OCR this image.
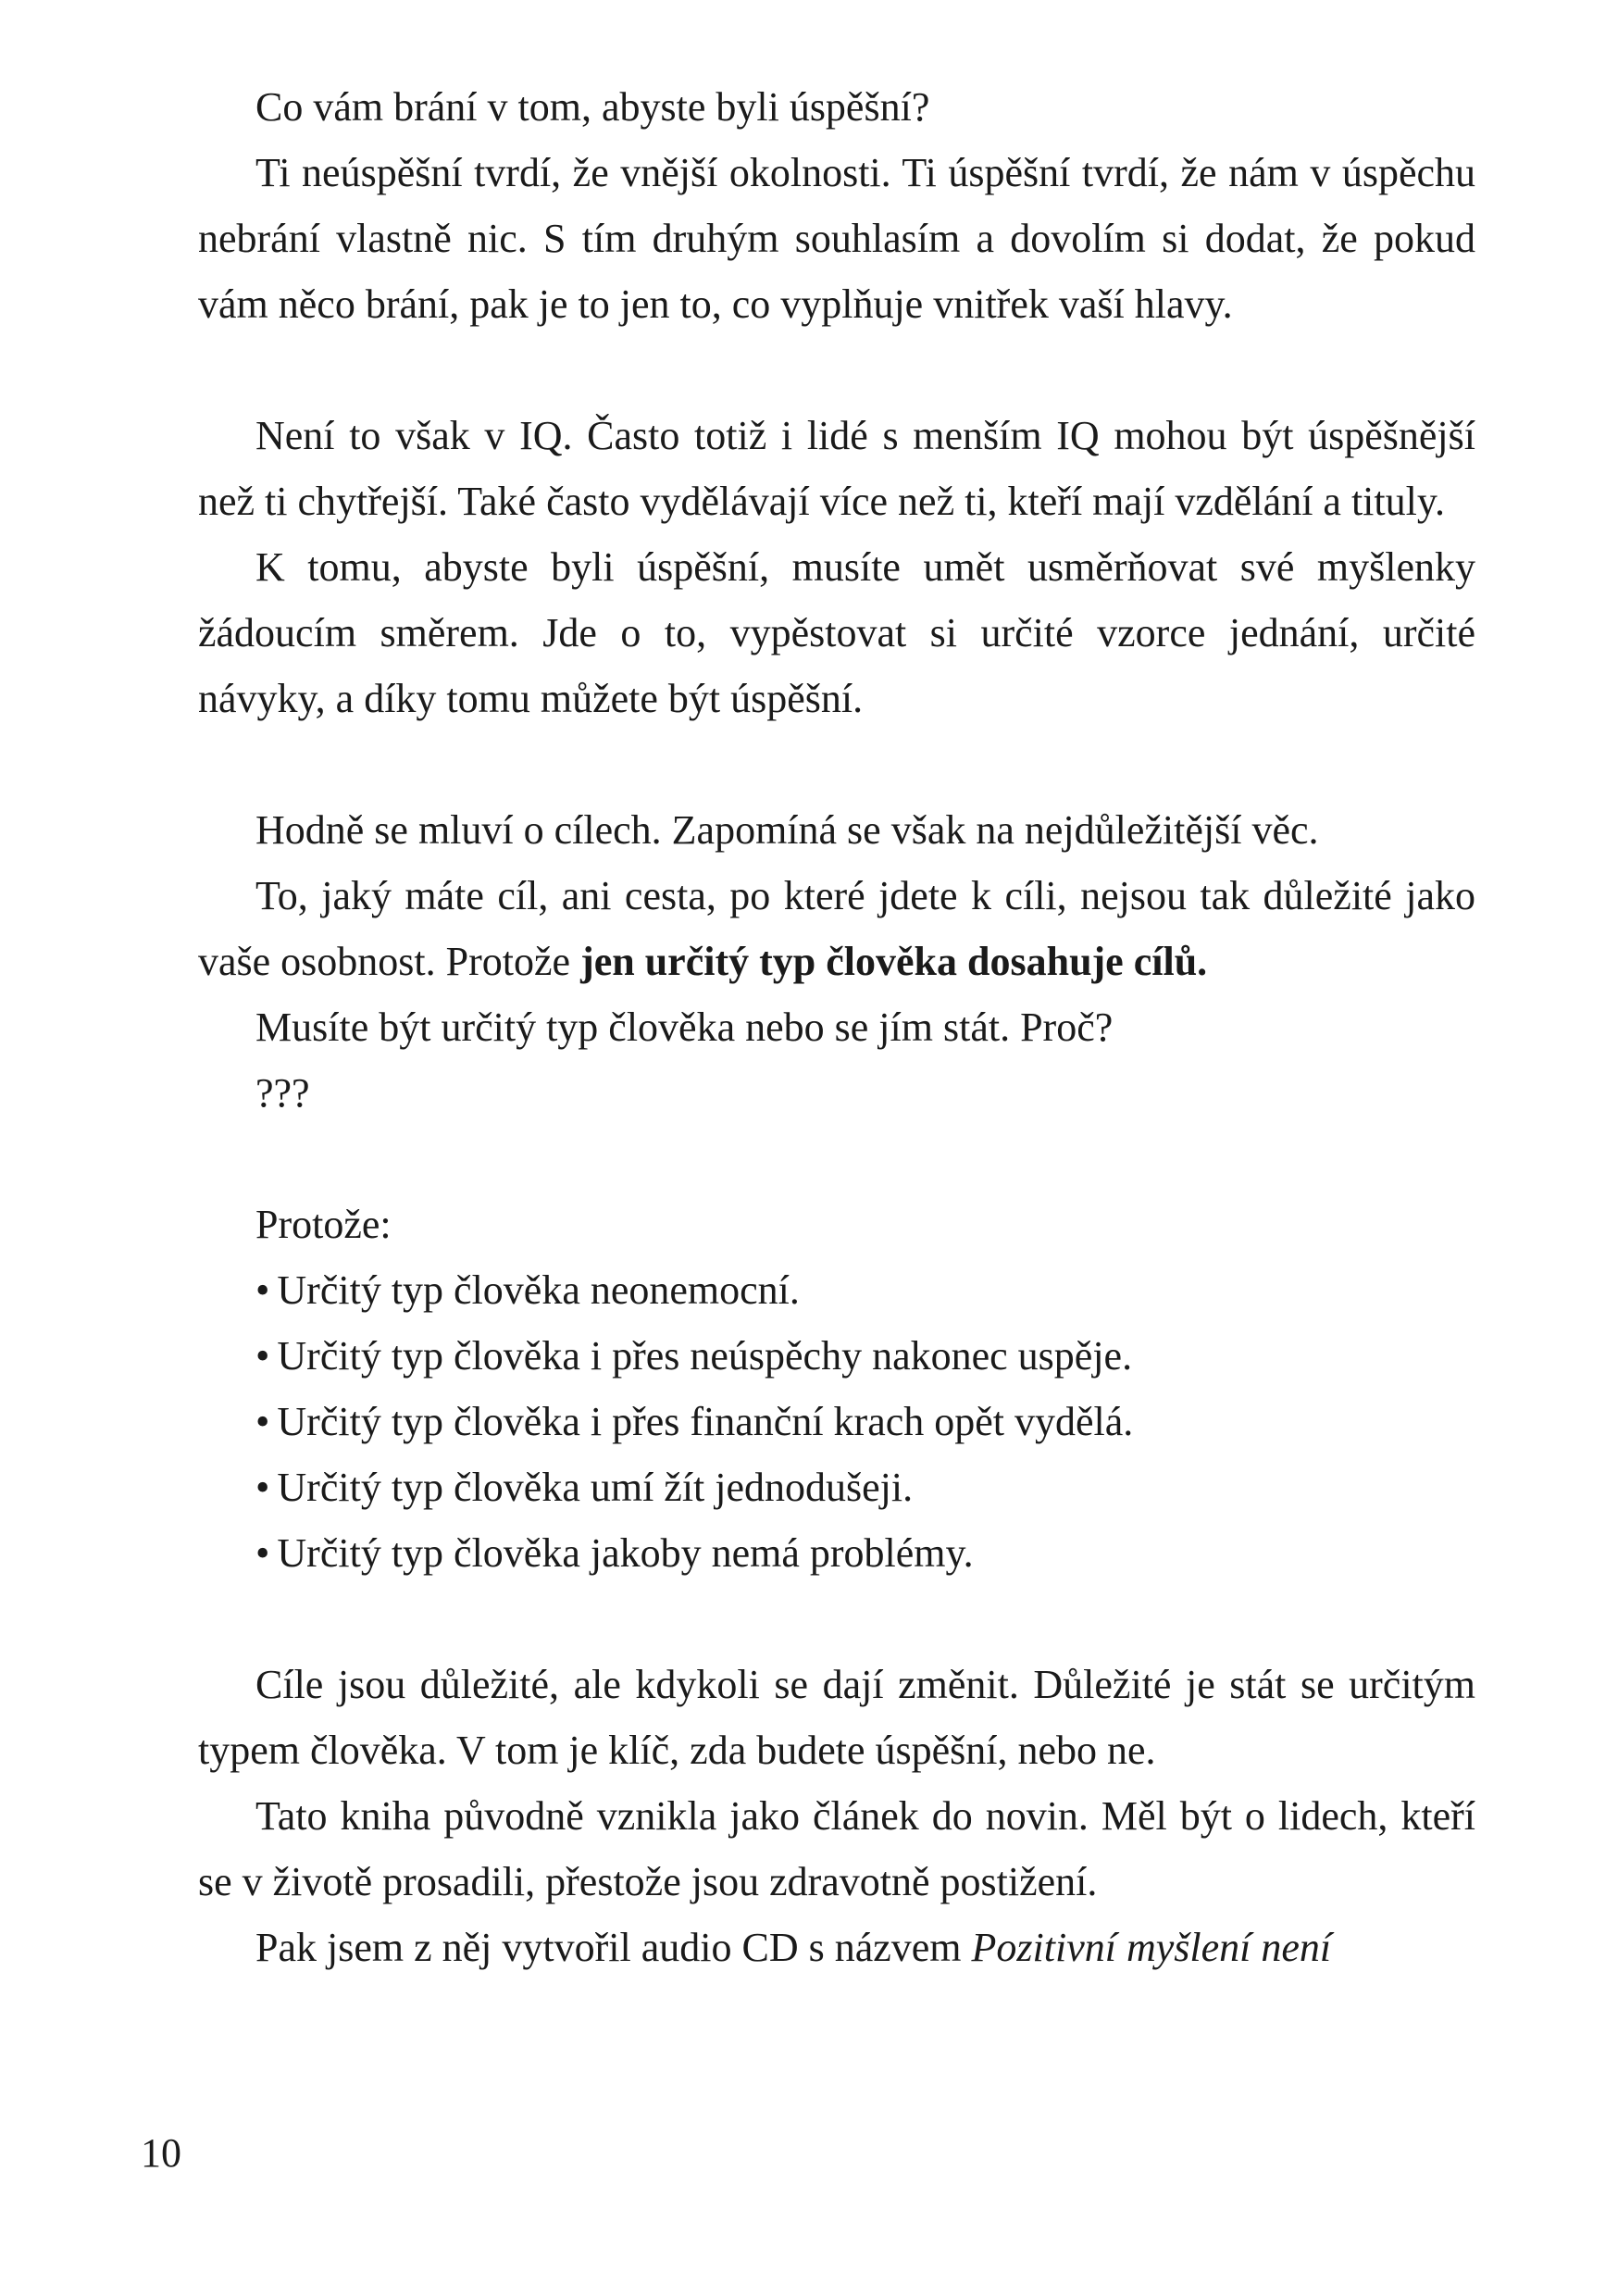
Co vám brání v tom, abyste byli úspěšní?

Ti neúspěšní tvrdí, že vnější okolnosti. Ti úspěšní tvrdí, že nám v úspěchu nebrání vlastně nic. S tím druhým souhlasím a dovolím si dodat, že pokud vám něco brání, pak je to jen to, co vyplňuje vnitřek vaší hlavy.

Není to však v IQ. Často totiž i lidé s menším IQ mohou být úspěšnější než ti chytřejší. Také často vydělávají více než ti, kteří mají vzdělání a tituly.

K tomu, abyste byli úspěšní, musíte umět usměrňovat své myšlenky žádoucím směrem. Jde o to, vypěstovat si určité vzorce jednání, určité návyky, a díky tomu můžete být úspěšní.

Hodně se mluví o cílech. Zapomíná se však na nejdůležitější věc.

To, jaký máte cíl, ani cesta, po které jdete k cíli, nejsou tak důležité jako vaše osobnost. Protože jen určitý typ člověka dosahuje cílů.

Musíte být určitý typ člověka nebo se jím stát. Proč?

???

Protože:

• Určitý typ člověka neonemocní.
• Určitý typ člověka i přes neúspěchy nakonec uspěje.
• Určitý typ člověka i přes finanční krach opět vydělá.
• Určitý typ člověka umí žít jednodušeji.
• Určitý typ člověka jakoby nemá problémy.

Cíle jsou důležité, ale kdykoli se dají změnit. Důležité je stát se určitým typem člověka. V tom je klíč, zda budete úspěšní, nebo ne.

Tato kniha původně vznikla jako článek do novin. Měl být o lidech, kteří se v životě prosadili, přestože jsou zdravotně postižení.

Pak jsem z něj vytvořil audio CD s názvem Pozitivní myšlení není

10
